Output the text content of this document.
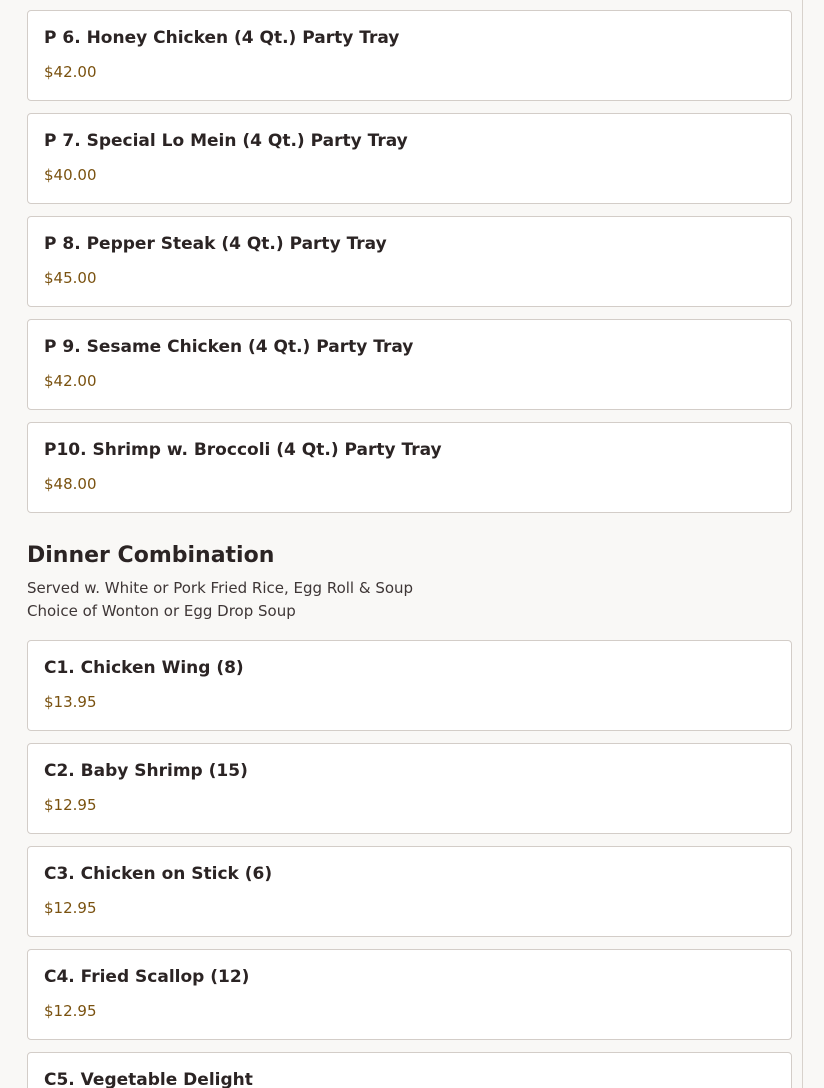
P 6. Honey Chicken (4 Qt.) Party Tray
$42.00
P 7. Special Lo Mein (4 Qt.) Party Tray
$40.00
P 8. Pepper Steak (4 Qt.) Party Tray
$45.00
P 9. Sesame Chicken (4 Qt.) Party Tray
$42.00
P10. Shrimp w. Broccoli (4 Qt.) Party Tray
$48.00
Dinner Combination
Served w. White or Pork Fried Rice, Egg Roll & Soup
Choice of Wonton or Egg Drop Soup
C1. Chicken Wing (8)
$13.95
C2. Baby Shrimp (15)
$12.95
C3. Chicken on Stick (6)
$12.95
C4. Fried Scallop (12)
$12.95
C5. Vegetable Delight
